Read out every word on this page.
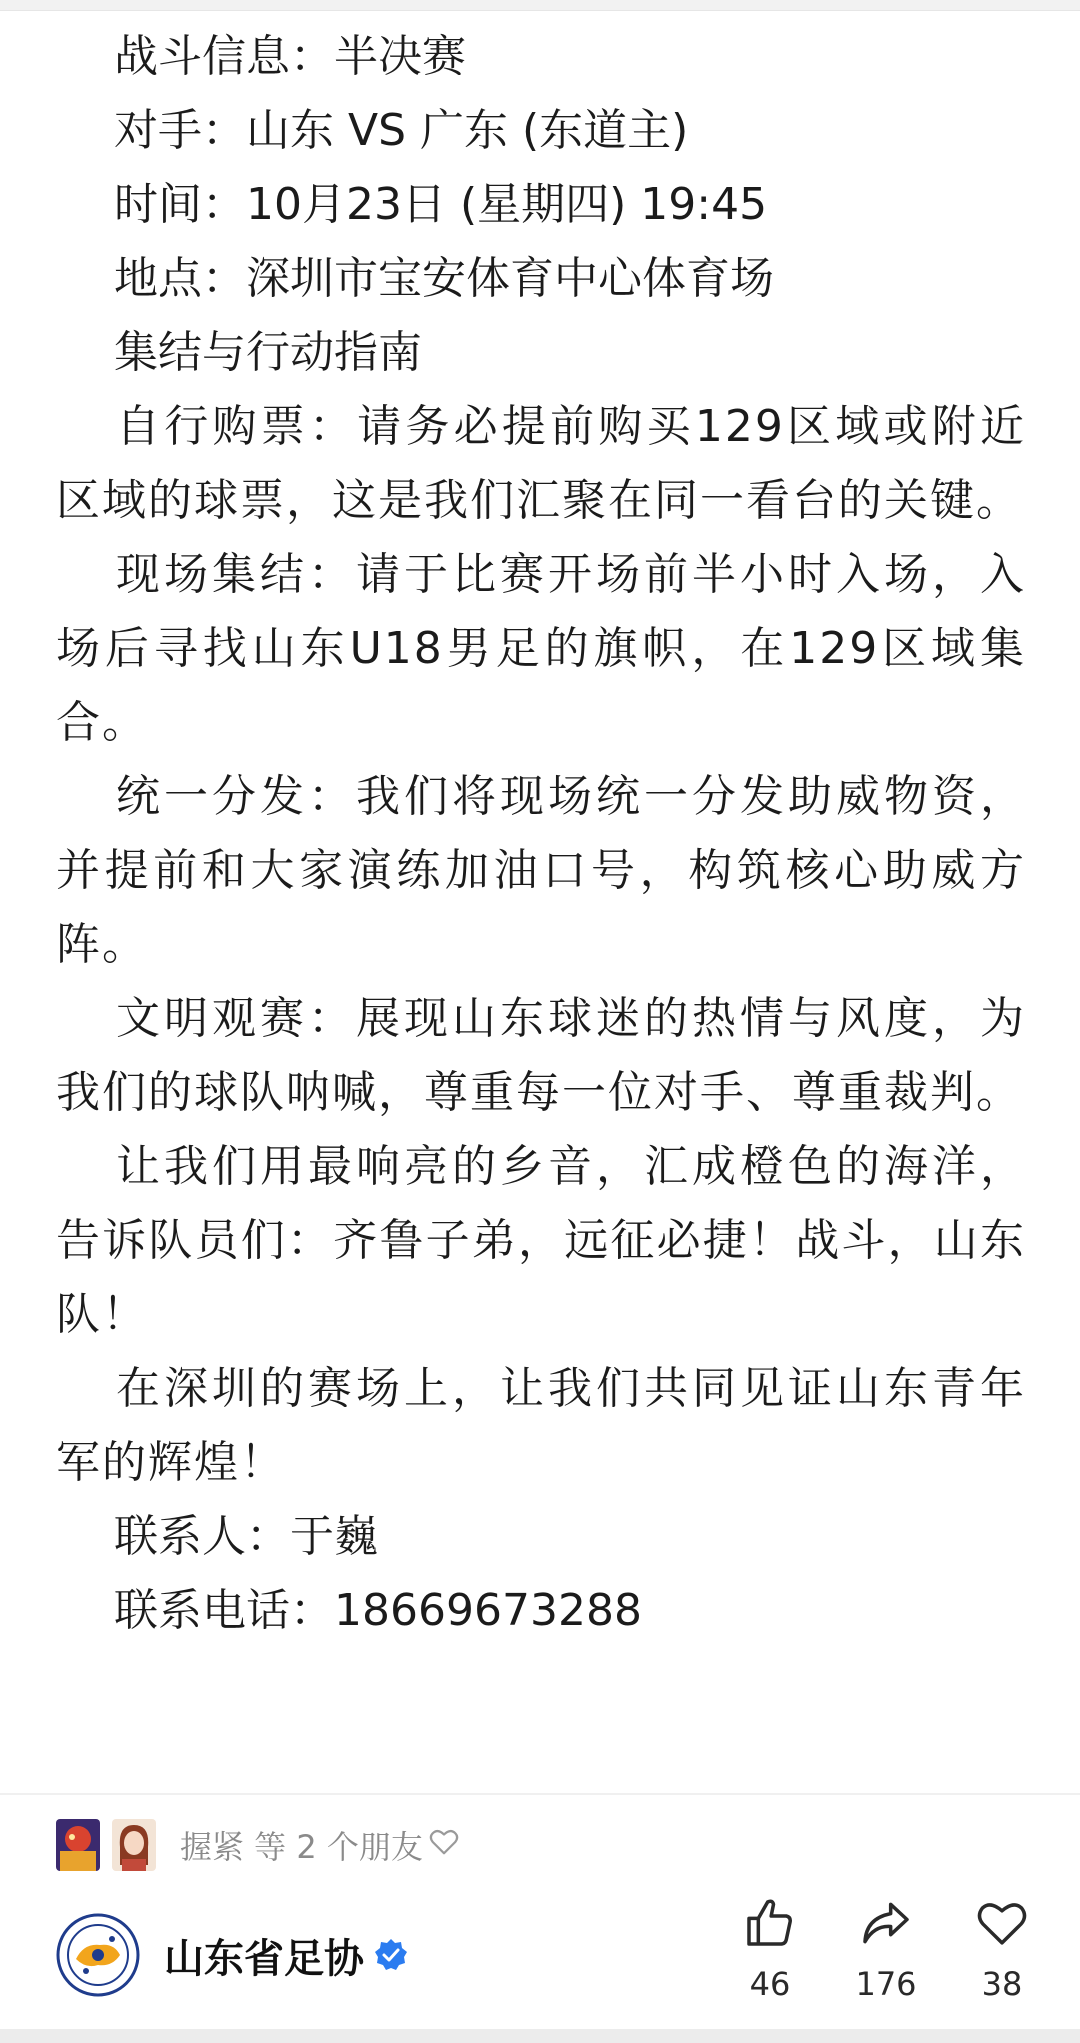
战斗信息：半决赛
对手：山东 VS 广东 (东道主)
时间：10月23日 (星期四) 19:45
地点：深圳市宝安体育中心体育场
集结与行动指南

自行购票：请务必提前购买129区域或附近区域的球票，这是我们汇聚在同一看台的关键。

现场集结：请于比赛开场前半小时入场，入场后寻找山东U18男足的旗帜，在129区域集合。

统一分发：我们将现场统一分发助威物资，并提前和大家演练加油口号，构筑核心助威方阵。

文明观赛：展现山东球迷的热情与风度，为我们的球队呐喊，尊重每一位对手、尊重裁判。

让我们用最响亮的乡音，汇成橙色的海洋，告诉队员们：齐鲁子弟，远征必捷！战斗，山东队！

在深圳的赛场上，让我们共同见证山东青年军的辉煌！

联系人：于巍
联系电话：18669673288
握紧 等 2 个朋友
山东省足协
46	176	38
